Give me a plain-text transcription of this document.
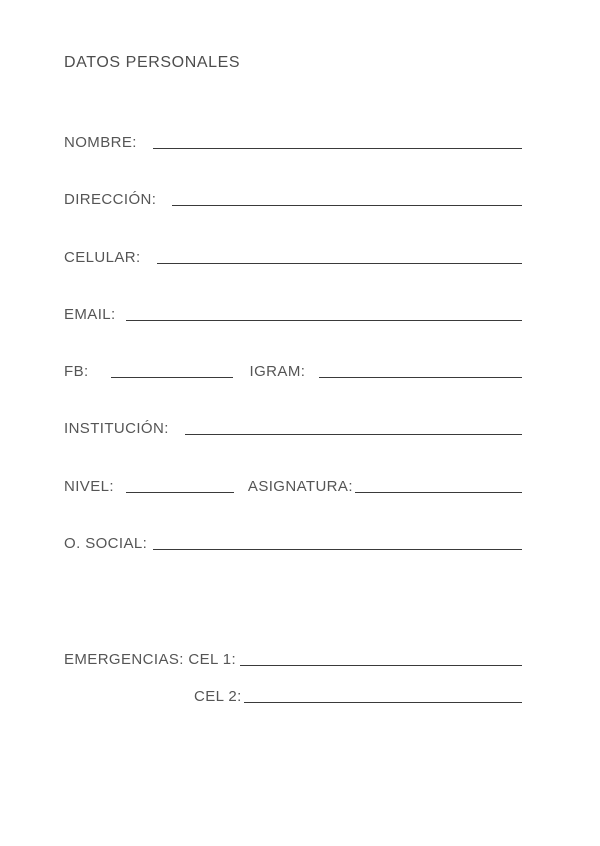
DATOS PERSONALES
NOMBRE:
DIRECCIÓN:
CELULAR:
EMAIL:
FB:	IGRAM:
INSTITUCIÓN:
NIVEL:	ASIGNATURA:
O. SOCIAL:
EMERGENCIAS: CEL 1:
CEL 2:
